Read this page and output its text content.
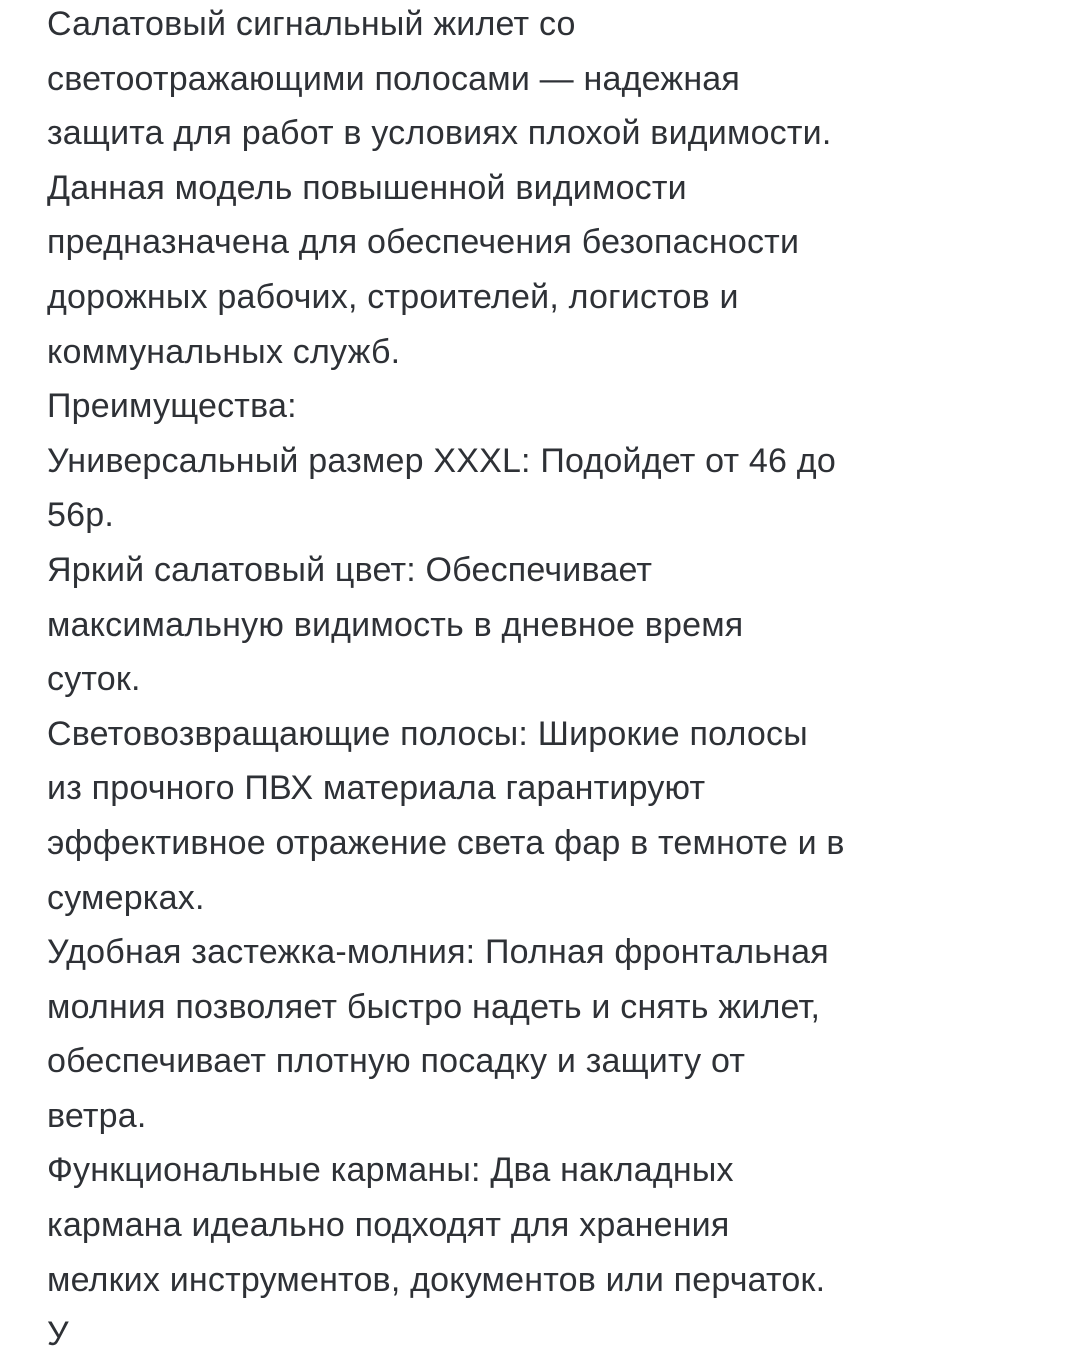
Салатовый сигнальный жилет со
светоотражающими полосами — надежная
защита для работ в условиях плохой видимости.
Данная модель повышенной видимости
предназначена для обеспечения безопасности
дорожных рабочих, строителей, логистов и
коммунальных служб.
Преимущества:
Универсальный размер XXXL: Подойдет от 46 до
56р.
Яркий салатовый цвет: Обеспечивает
максимальную видимость в дневное время
суток.
Световозвращающие полосы: Широкие полосы
из прочного ПВХ материала гарантируют
эффективное отражение света фар в темноте и в
сумерках.
Удобная застежка-молния: Полная фронтальная
молния позволяет быстро надеть и снять жилет,
обеспечивает плотную посадку и защиту от
ветра.
Функциональные карманы: Два накладных
кармана идеально подходят для хранения
мелких инструментов, документов или перчаток.
У
